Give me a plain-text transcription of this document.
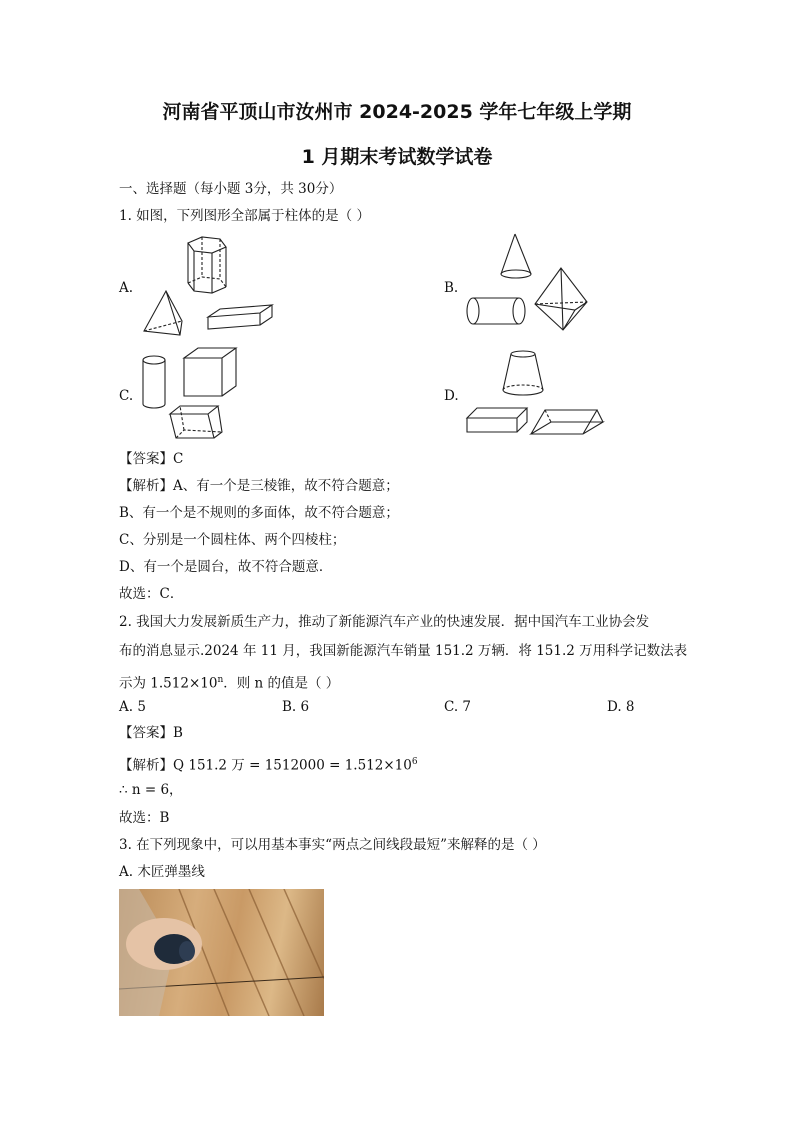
河南省平顶山市汝州市 2024-2025 学年七年级上学期
1 月期末考试数学试卷
一、选择题（每小题 3分，共 30分）
1. 如图，下列图形全部属于柱体的是（ ）
A.	B.
C.	D.
【答案】C
【解析】A、有一个是三棱锥，故不符合题意；
B、有一个是不规则的多面体，故不符合题意；
C、分别是一个圆柱体、两个四棱柱；
D、有一个是圆台，故不符合题意．
故选：C．
2. 我国大力发展新质生产力，推动了新能源汽车产业的快速发展．据中国汽车工业协会发
布的消息显示.2024 年 11 月，我国新能源汽车销量 151.2 万辆．将 151.2 万用科学记数法表
示为 $1.512\times 10^n$．则 n 的值是（ ）
A. 5	B. 6	C. 7	D. 8
【答案】B
【解析】Q 151.2 万 = $1512000 = 1.512\times 10^6$
∴ n = 6，
故选：B
3. 在下列现象中，可以用基本事实“两点之间线段最短”来解释的是（ ）
A. 木匠弹墨线
